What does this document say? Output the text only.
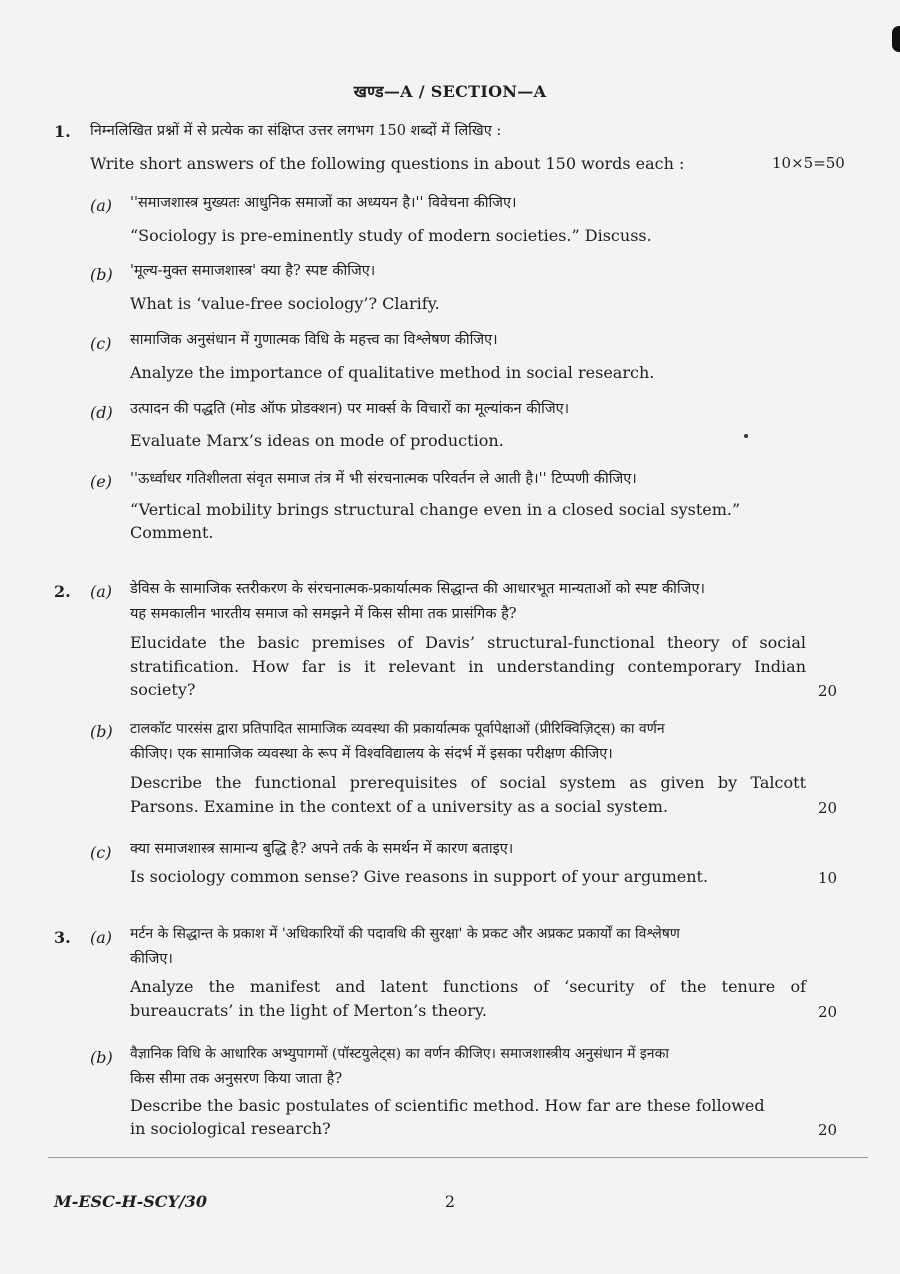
खण्ड—A / SECTION—A
1. निम्नलिखित प्रश्नों में से प्रत्येक का संक्षिप्त उत्तर लगभग 150 शब्दों में लिखिए :
Write short answers of the following questions in about 150 words each :	10×5=50
(a) ''समाजशास्त्र मुख्यतः आधुनिक समाजों का अध्ययन है।'' विवेचना कीजिए।
“Sociology is pre-eminently study of modern societies.” Discuss.
(b) 'मूल्य-मुक्त समाजशास्त्र' क्या है? स्पष्ट कीजिए।
What is ‘value-free sociology’? Clarify.
(c) सामाजिक अनुसंधान में गुणात्मक विधि के महत्त्व का विश्लेषण कीजिए।
Analyze the importance of qualitative method in social research.
(d) उत्पादन की पद्धति (मोड ऑफ प्रोडक्शन) पर मार्क्स के विचारों का मूल्यांकन कीजिए।
Evaluate Marx’s ideas on mode of production.
(e) ''ऊर्ध्वाधर गतिशीलता संवृत समाज तंत्र में भी संरचनात्मक परिवर्तन ले आती है।'' टिप्पणी कीजिए।
“Vertical mobility brings structural change even in a closed social system.”
Comment.
2. (a) डेविस के सामाजिक स्तरीकरण के संरचनात्मक-प्रकार्यात्मक सिद्धान्त की आधारभूत मान्यताओं को स्पष्ट कीजिए।
यह समकालीन भारतीय समाज को समझने में किस सीमा तक प्रासंगिक है?
Elucidate the basic premises of Davis’ structural-functional theory of social
stratification. How far is it relevant in understanding contemporary Indian
society?	20
(b) टालकॉट पारसंस द्वारा प्रतिपादित सामाजिक व्यवस्था की प्रकार्यात्मक पूर्वापेक्षाओं (प्रीरिक्विज़िट्स) का वर्णन
कीजिए। एक सामाजिक व्यवस्था के रूप में विश्वविद्यालय के संदर्भ में इसका परीक्षण कीजिए।
Describe the functional prerequisites of social system as given by Talcott
Parsons. Examine in the context of a university as a social system.	20
(c) क्या समाजशास्त्र सामान्य बुद्धि है? अपने तर्क के समर्थन में कारण बताइए।
Is sociology common sense? Give reasons in support of your argument.	10
3. (a) मर्टन के सिद्धान्त के प्रकाश में 'अधिकारियों की पदावधि की सुरक्षा' के प्रकट और अप्रकट प्रकार्यों का विश्लेषण
कीजिए।
Analyze the manifest and latent functions of ‘security of the tenure of
bureaucrats’ in the light of Merton’s theory.	20
(b) वैज्ञानिक विधि के आधारिक अभ्युपागमों (पॉस्टयुलेट्स) का वर्णन कीजिए। समाजशास्त्रीय अनुसंधान में इनका
किस सीमा तक अनुसरण किया जाता है?
Describe the basic postulates of scientific method. How far are these followed
in sociological research?	20
M-ESC-H-SCY/30	2
